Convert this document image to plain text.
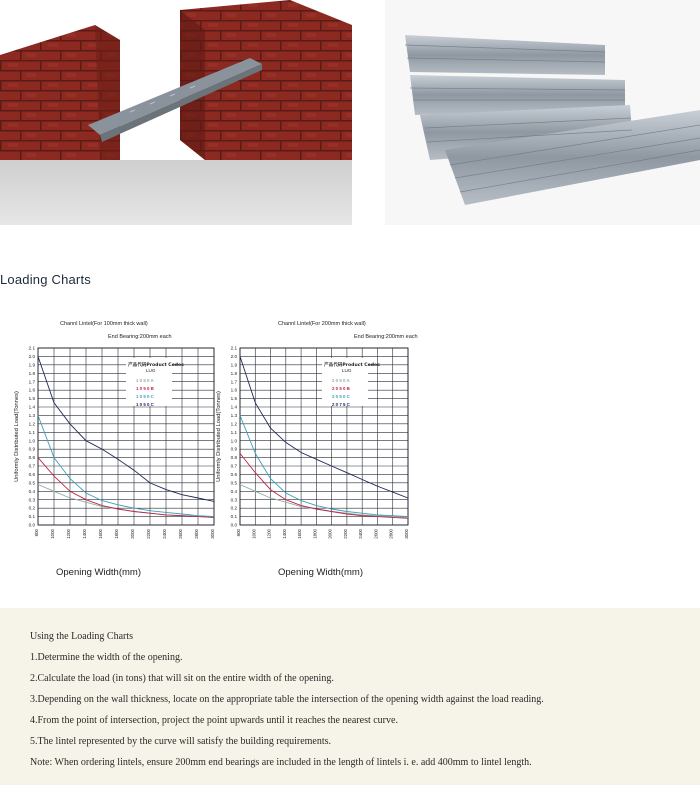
Loading Charts
Channl Lintel(For 100mm thick wall)
End Bearing:200mm each
0.0
0.1
0.2
0.3
0.4
0.5
0.6
0.7
0.8
0.9
1.0
1.1
1.2
1.3
1.4
1.5
1.6
1.7
1.8
1.9
2.0
2.1
800	1000	1200	1400	1600	1800	2000	2200	2400	2600	2800	3000
Uniformly Distributed Load(Tonnes)
产品代码Product Codes
LUG
1 0 5 0 A
1 0 5 0 B
1 0 5 0 C
1 0 5 0 C
Opening Width(mm)
Channl Lintel(For 200mm thick wall)
End Bearing:200mm each
0.0
0.1
0.2
0.3
0.4
0.5
0.6
0.7
0.8
0.9
1.0
1.1
1.2
1.3
1.4
1.5
1.6
1.7
1.8
1.9
2.0
2.1
800 1000 1200 1400 1600 1800 2000 2200 2400 2600 2800 3000
Uniformly Distributed Load(Tonnes)
产品代码Product Codes
LUG
2 0 5 0 A
2 0 5 0 B
2 0 5 0 C
2 0 7 5 C
Opening Width(mm)
Using the Loading Charts
1.Determine the width of the opening.
2.Calculate the load (in tons) that will sit on the entire width of the opening.
3.Depending on the wall thickness, locate on the appropriate table the intersection of the opening width against the load reading.
4.From the point of intersection, project the point upwards until it reaches the nearest curve.
5.The lintel represented by the curve will satisfy the building requirements.
Note: When ordering lintels, ensure 200mm end bearings are included in the length of lintels i. e. add 400mm to lintel length.
